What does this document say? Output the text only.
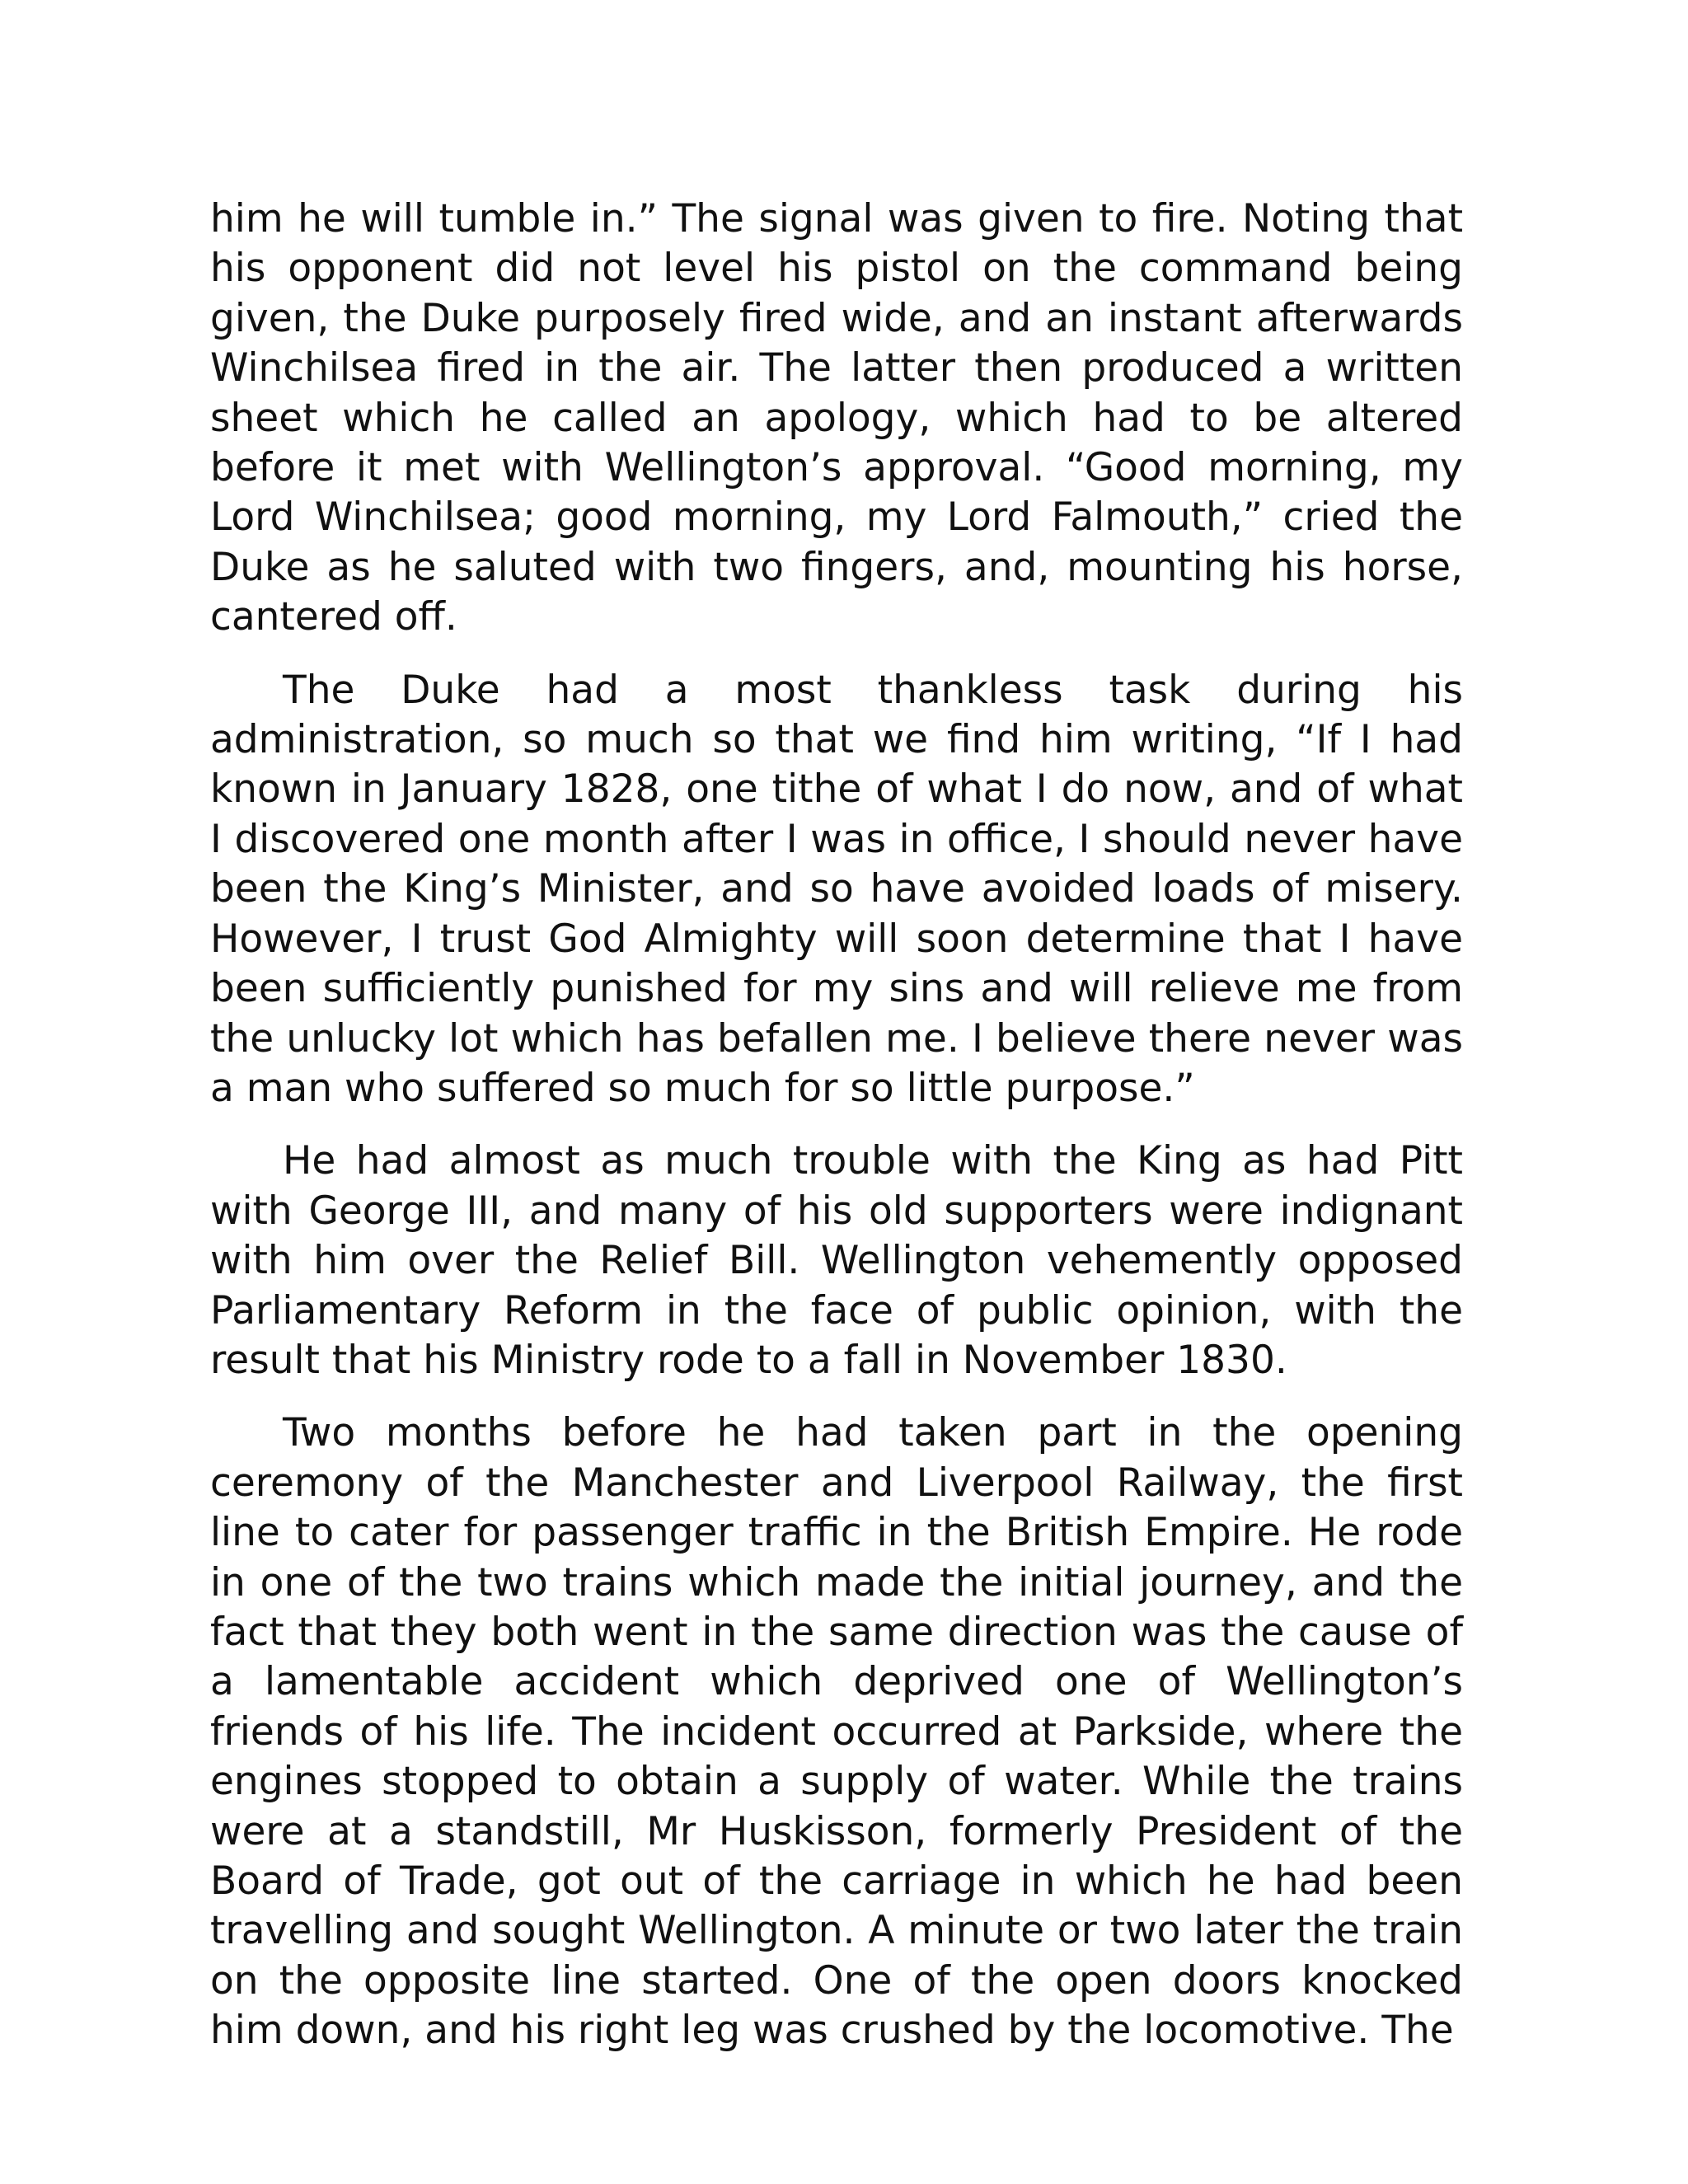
him he will tumble in.” The signal was given to fire. Noting that his opponent did not level his pistol on the command being given, the Duke purposely fired wide, and an instant afterwards Winchilsea fired in the air. The latter then produced a written sheet which he called an apology, which had to be altered before it met with Wellington’s approval. “Good morning, my Lord Winchilsea; good morning, my Lord Falmouth,” cried the Duke as he saluted with two fingers, and, mounting his horse, cantered off.

The Duke had a most thankless task during his administration, so much so that we find him writing, “If I had known in January 1828, one tithe of what I do now, and of what I discovered one month after I was in office, I should never have been the King’s Minister, and so have avoided loads of misery. However, I trust God Almighty will soon determine that I have been sufficiently punished for my sins and will relieve me from the unlucky lot which has befallen me. I believe there never was a man who suffered so much for so little purpose.”

He had almost as much trouble with the King as had Pitt with George III, and many of his old supporters were indignant with him over the Relief Bill. Wellington vehemently opposed Parliamentary Reform in the face of public opinion, with the result that his Ministry rode to a fall in November 1830.

Two months before he had taken part in the opening ceremony of the Manchester and Liverpool Railway, the first line to cater for passenger traffic in the British Empire. He rode in one of the two trains which made the initial journey, and the fact that they both went in the same direction was the cause of a lamentable accident which deprived one of Wellington’s friends of his life. The incident occurred at Parkside, where the engines stopped to obtain a supply of water. While the trains were at a standstill, Mr Huskisson, formerly President of the Board of Trade, got out of the carriage in which he had been travelling and sought Wellington. A minute or two later the train on the opposite line started. One of the open doors knocked him down, and his right leg was crushed by the locomotive. The
